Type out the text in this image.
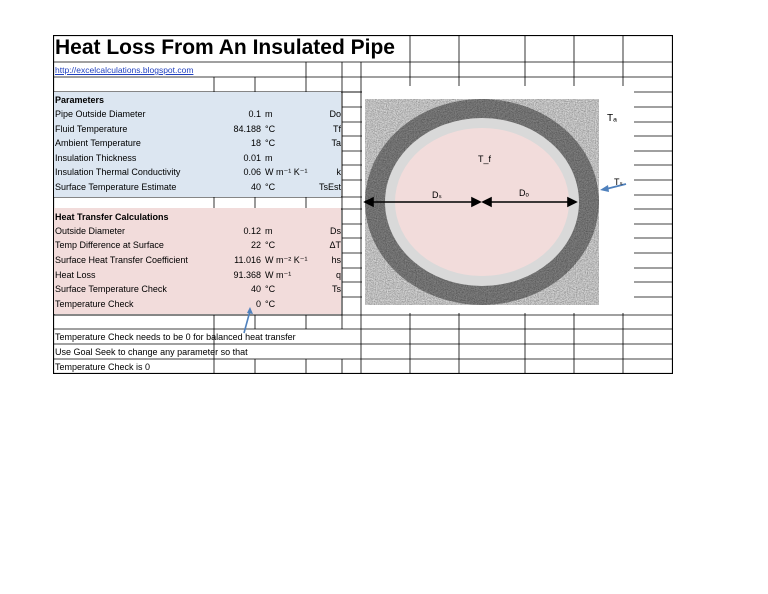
Heat Loss From An Insulated Pipe
http://excelcalculations.blogspot.com
Parameters
Pipe Outside Diameter	0.1 m	Do
Fluid Temperature	84.188 °C	Tf
Ambient Temperature	18 °C	Ta
Insulation Thickness	0.01 m
Insulation Thermal Conductivity	0.06 W m⁻¹ K⁻¹	k
Surface Temperature Estimate	40 °C	TsEst
Heat Transfer Calculations
Outside Diameter	0.12 m	Ds
Temp Difference at Surface	22 °C	ΔT
Surface Heat Transfer Coefficient	11.016 W m⁻² K⁻¹	hs
Heat Loss	91.368 W m⁻¹	q
Surface Temperature Check	40 °C	Ts
Temperature Check	0 °C
Temperature Check needs to be 0 for balanced heat transfer
Use Goal Seek to change any parameter so that
Temperature Check is 0
Tₐ
T_f
Tₛ
Dₛ	Dₒ
